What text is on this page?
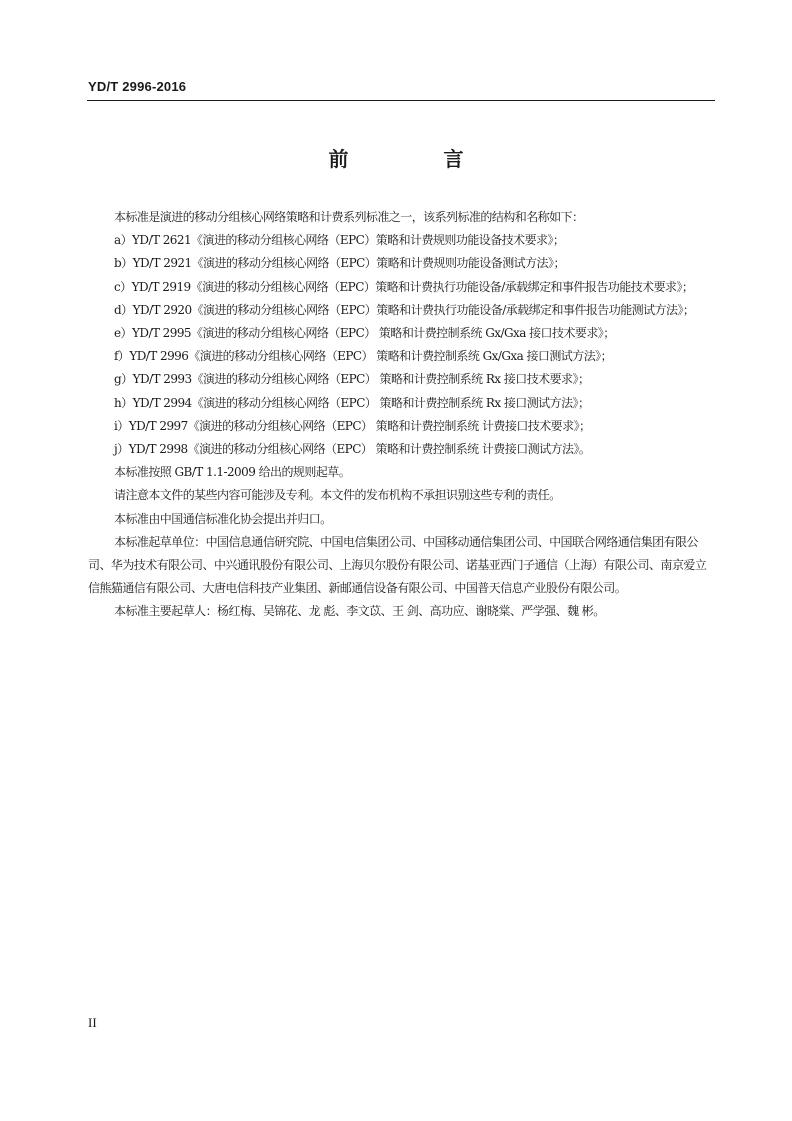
YD/T 2996-2016
前 言

本标准是演进的移动分组核心网络策略和计费系列标准之一，该系列标准的结构和名称如下：

a）YD/T 2621《演进的移动分组核心网络（EPC）策略和计费规则功能设备技术要求》；

b）YD/T 2921《演进的移动分组核心网络（EPC）策略和计费规则功能设备测试方法》；

c）YD/T 2919《演进的移动分组核心网络（EPC）策略和计费执行功能设备/承载绑定和事件报告功能技术要求》；

d）YD/T 2920《演进的移动分组核心网络（EPC）策略和计费执行功能设备/承载绑定和事件报告功能测试方法》；

e）YD/T 2995《演进的移动分组核心网络（EPC） 策略和计费控制系统 Gx/Gxa 接口技术要求》；

f）YD/T 2996《演进的移动分组核心网络（EPC） 策略和计费控制系统 Gx/Gxa 接口测试方法》；

g）YD/T 2993《演进的移动分组核心网络（EPC） 策略和计费控制系统 Rx 接口技术要求》；

h）YD/T 2994《演进的移动分组核心网络（EPC） 策略和计费控制系统 Rx 接口测试方法》；

i）YD/T 2997《演进的移动分组核心网络（EPC） 策略和计费控制系统 计费接口技术要求》；

j）YD/T 2998《演进的移动分组核心网络（EPC） 策略和计费控制系统 计费接口测试方法》。

本标准按照 GB/T 1.1-2009 给出的规则起草。

请注意本文件的某些内容可能涉及专利。本文件的发布机构不承担识别这些专利的责任。

本标准由中国通信标准化协会提出并归口。

本标准起草单位：中国信息通信研究院、中国电信集团公司、中国移动通信集团公司、中国联合网络通信集团有限公司、华为技术有限公司、中兴通讯股份有限公司、上海贝尔股份有限公司、诺基亚西门子通信（上海）有限公司、南京爱立信熊猫通信有限公司、大唐电信科技产业集团、新邮通信设备有限公司、中国普天信息产业股份有限公司。

本标准主要起草人：杨红梅、吴锦花、龙 彪、李文苡、王 剑、高功应、谢晓棠、严学强、魏 彬。

II
